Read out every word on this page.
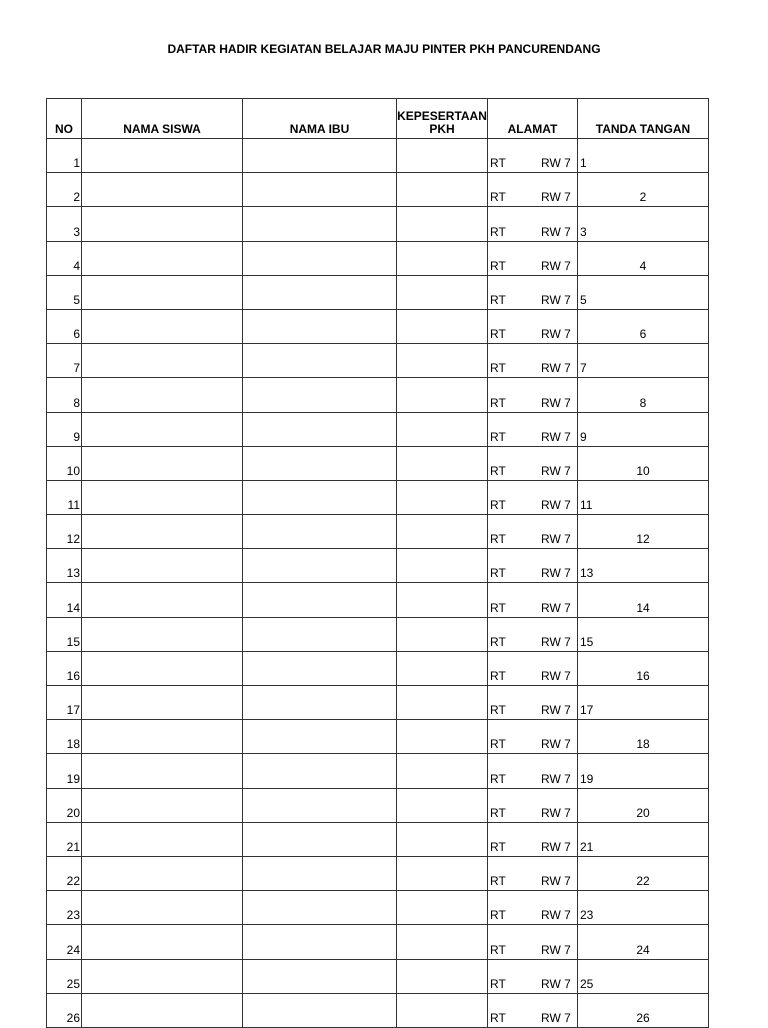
DAFTAR HADIR KEGIATAN BELAJAR MAJU PINTER PKH PANCURENDANG
NO	NAMA SISWA	NAMA IBU	KEPESERTAAN PKH	ALAMAT	TANDA TANGAN
1				RT RW 7	1
2				RT RW 7	2
3				RT RW 7	3
4				RT RW 7	4
5				RT RW 7	5
6				RT RW 7	6
7				RT RW 7	7
8				RT RW 7	8
9				RT RW 7	9
10				RT RW 7	10
11				RT RW 7	11
12				RT RW 7	12
13				RT RW 7	13
14				RT RW 7	14
15				RT RW 7	15
16				RT RW 7	16
17				RT RW 7	17
18				RT RW 7	18
19				RT RW 7	19
20				RT RW 7	20
21				RT RW 7	21
22				RT RW 7	22
23				RT RW 7	23
24				RT RW 7	24
25				RT RW 7	25
26				RT RW 7	26
